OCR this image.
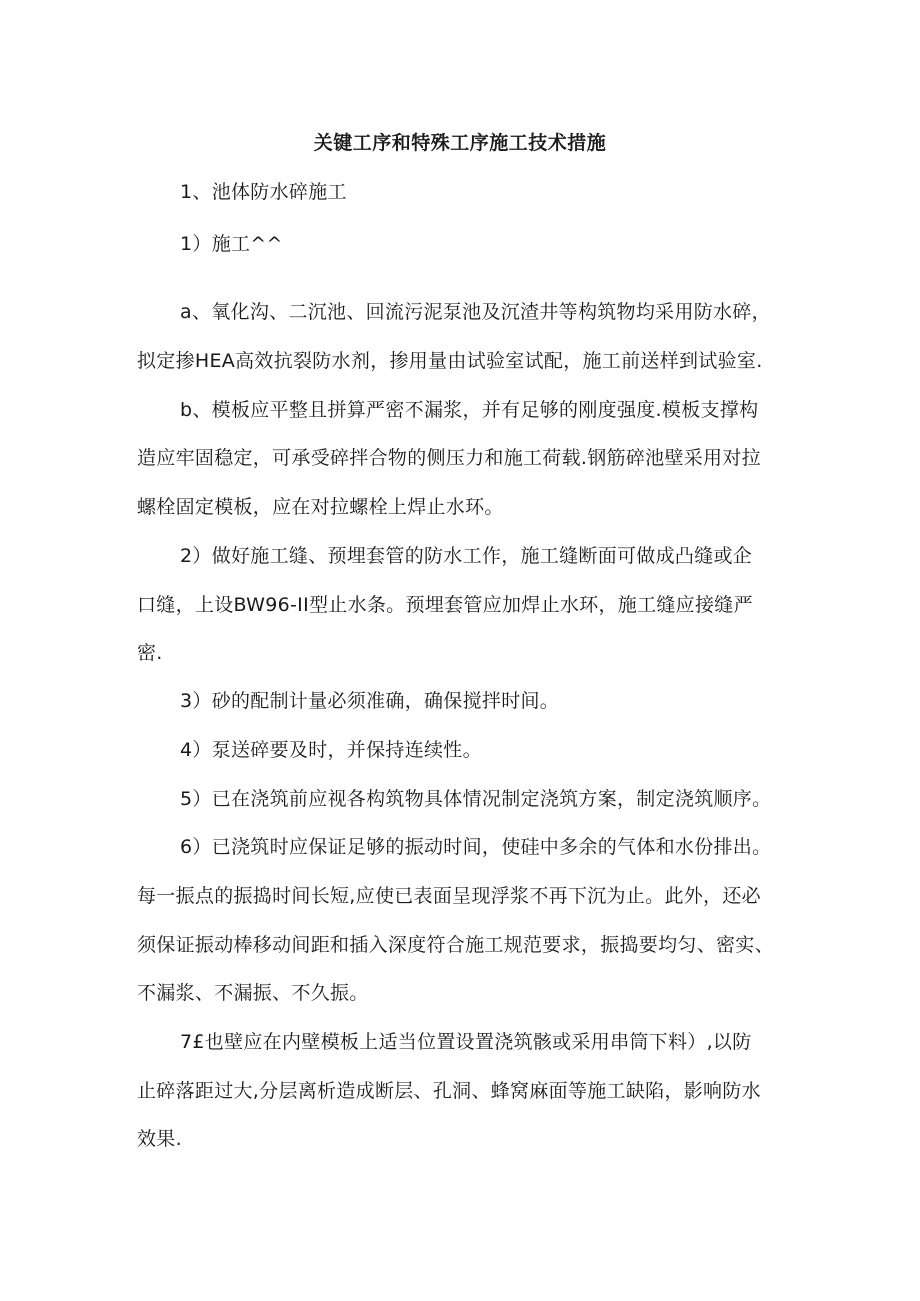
关键工序和特殊工序施工技术措施
1、池体防水碎施工
1）施工^^
a、氧化沟、二沉池、回流污泥泵池及沉渣井等构筑物均采用防水碎，
拟定掺HEA高效抗裂防水剂，掺用量由试验室试配，施工前送样到试验室.
b、模板应平整且拼算严密不漏浆，并有足够的刚度强度.模板支撑构
造应牢固稳定，可承受碎拌合物的侧压力和施工荷载.钢筋碎池壁采用对拉
螺栓固定模板，应在对拉螺栓上焊止水环。
2）做好施工缝、预埋套管的防水工作，施工缝断面可做成凸缝或企
口缝，上设BW96-II型止水条。预埋套管应加焊止水环，施工缝应接缝严
密.
3）砂的配制计量必须准确，确保搅拌时间。
4）泵送碎要及时，并保持连续性。
5）已在浇筑前应视各构筑物具体情况制定浇筑方案，制定浇筑顺序。
6）已浇筑时应保证足够的振动时间，使硅中多余的气体和水份排出。
每一振点的振捣时间长短,应使已表面呈现浮浆不再下沉为止。此外，还必
须保证振动棒移动间距和插入深度符合施工规范要求，振捣要均匀、密实、
不漏浆、不漏振、不久振。
7£也壁应在内壁模板上适当位置设置浇筑骸或采用串筒下料）,以防
止碎落距过大,分层离析造成断层、孔洞、蜂窝麻面等施工缺陷，影响防水
效果.
